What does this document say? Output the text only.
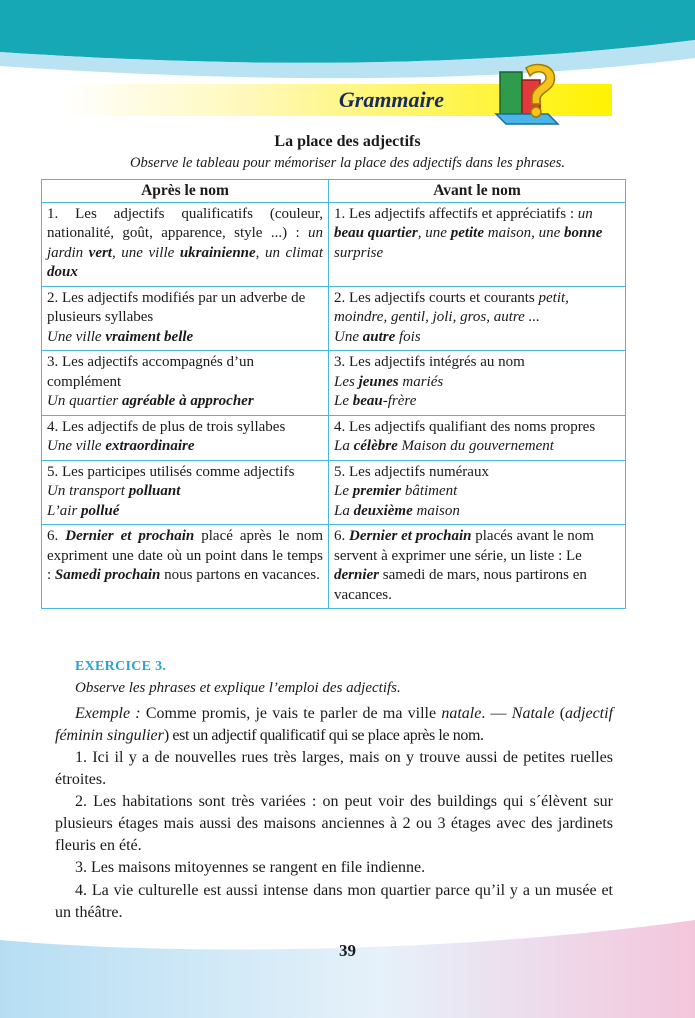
Grammaire
La place des adjectifs
Observe le tableau pour mémoriser la place des adjectifs dans les phrases.
Après le nom	Avant le nom
1. Les adjectifs qualificatifs (couleur, nationalité, goût, apparence, style ...) : un jardin vert, une ville ukrainienne, un climat doux	1. Les adjectifs affectifs et appréciatifs : un beau quartier, une petite maison, une bonne surprise

2. Les adjectifs modifiés par un adverbe de plusieurs syllabes
Une ville vraiment belle	2. Les adjectifs courts et courants petit, moindre, gentil, joli, gros, autre ...
Une autre fois

3. Les adjectifs accompagnés d’un complément
Un quartier agréable à approcher	3. Les adjectifs intégrés au nom
Les jeunes mariés
Le beau-frère

4. Les adjectifs de plus de trois syllabes
Une ville extraordinaire	4. Les adjectifs qualifiant des noms propres
La célèbre Maison du gouvernement

5. Les participes utilisés comme adjectifs
Un transport polluant
L’air pollué	5. Les adjectifs numéraux
Le premier bâtiment
La deuxième maison

6. Dernier et prochain placé après le nom expriment une date où un point dans le temps : Samedi prochain nous partons en vacances.	6. Dernier et prochain placés avant le nom servent à exprimer une série, un liste : Le dernier samedi de mars, nous partirons en vacances.
EXERCICE 3.
Observe les phrases et explique l’emploi des adjectifs.

Exemple : Comme promis, je vais te parler de ma ville natale. — Natale (adjectif féminin singulier) est un adjectif qualificatif qui se place après le nom.

1. Ici il y a de nouvelles rues très larges, mais on y trouve aussi de petites ruelles étroites.

2. Les habitations sont très variées : on peut voir des buildings qui s´élèvent sur plusieurs étages mais aussi des maisons anciennes à 2 ou 3 étages avec des jardinets fleuris en été.

3. Les maisons mitoyennes se rangent en file indienne.

4. La vie culturelle est aussi intense dans mon quartier parce qu’il y a un musée et un théâtre.

39
